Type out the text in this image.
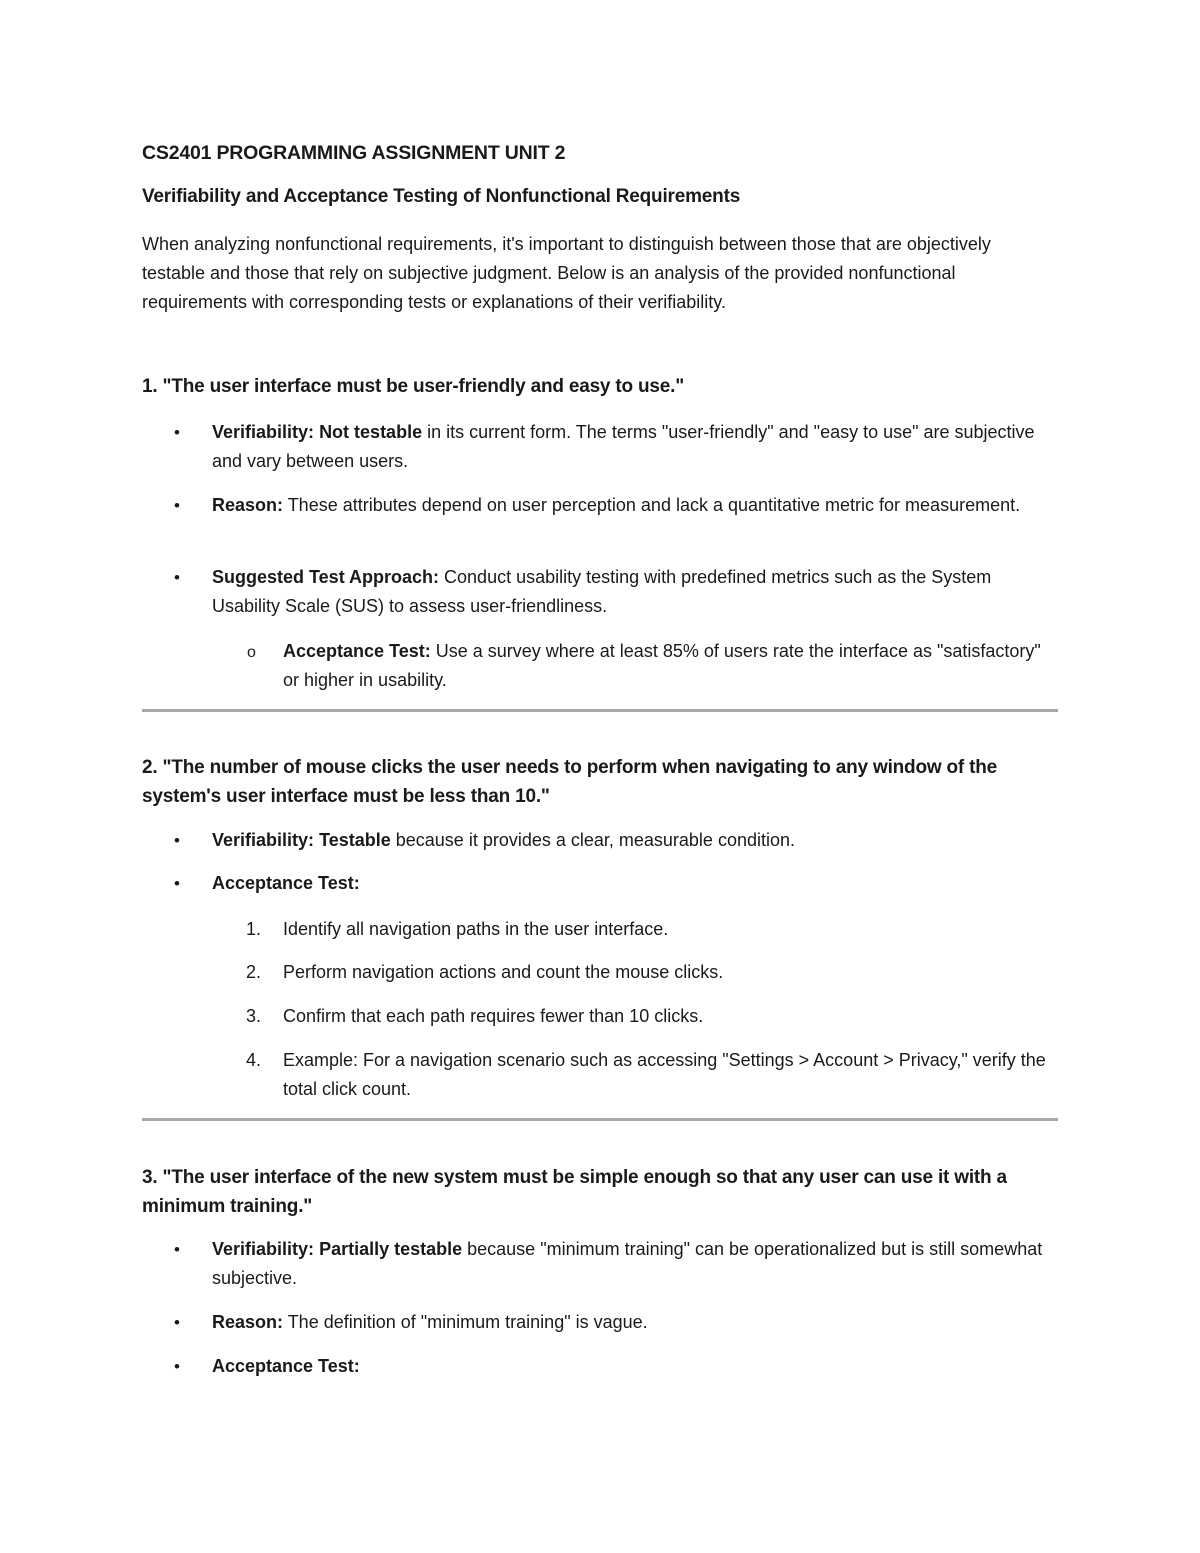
CS2401 PROGRAMMING ASSIGNMENT UNIT 2
Verifiability and Acceptance Testing of Nonfunctional Requirements
When analyzing nonfunctional requirements, it's important to distinguish between those that are objectively testable and those that rely on subjective judgment. Below is an analysis of the provided nonfunctional requirements with corresponding tests or explanations of their verifiability.
1. "The user interface must be user-friendly and easy to use."
• Verifiability: Not testable in its current form. The terms "user-friendly" and "easy to use" are subjective and vary between users.
• Reason: These attributes depend on user perception and lack a quantitative metric for measurement.
• Suggested Test Approach: Conduct usability testing with predefined metrics such as the System Usability Scale (SUS) to assess user-friendliness.
o Acceptance Test: Use a survey where at least 85% of users rate the interface as "satisfactory" or higher in usability.
2. "The number of mouse clicks the user needs to perform when navigating to any window of the system's user interface must be less than 10."
• Verifiability: Testable because it provides a clear, measurable condition.
• Acceptance Test:
1. Identify all navigation paths in the user interface.
2. Perform navigation actions and count the mouse clicks.
3. Confirm that each path requires fewer than 10 clicks.
4. Example: For a navigation scenario such as accessing "Settings > Account > Privacy," verify the total click count.
3. "The user interface of the new system must be simple enough so that any user can use it with a minimum training."
• Verifiability: Partially testable because "minimum training" can be operationalized but is still somewhat subjective.
• Reason: The definition of "minimum training" is vague.
• Acceptance Test:
